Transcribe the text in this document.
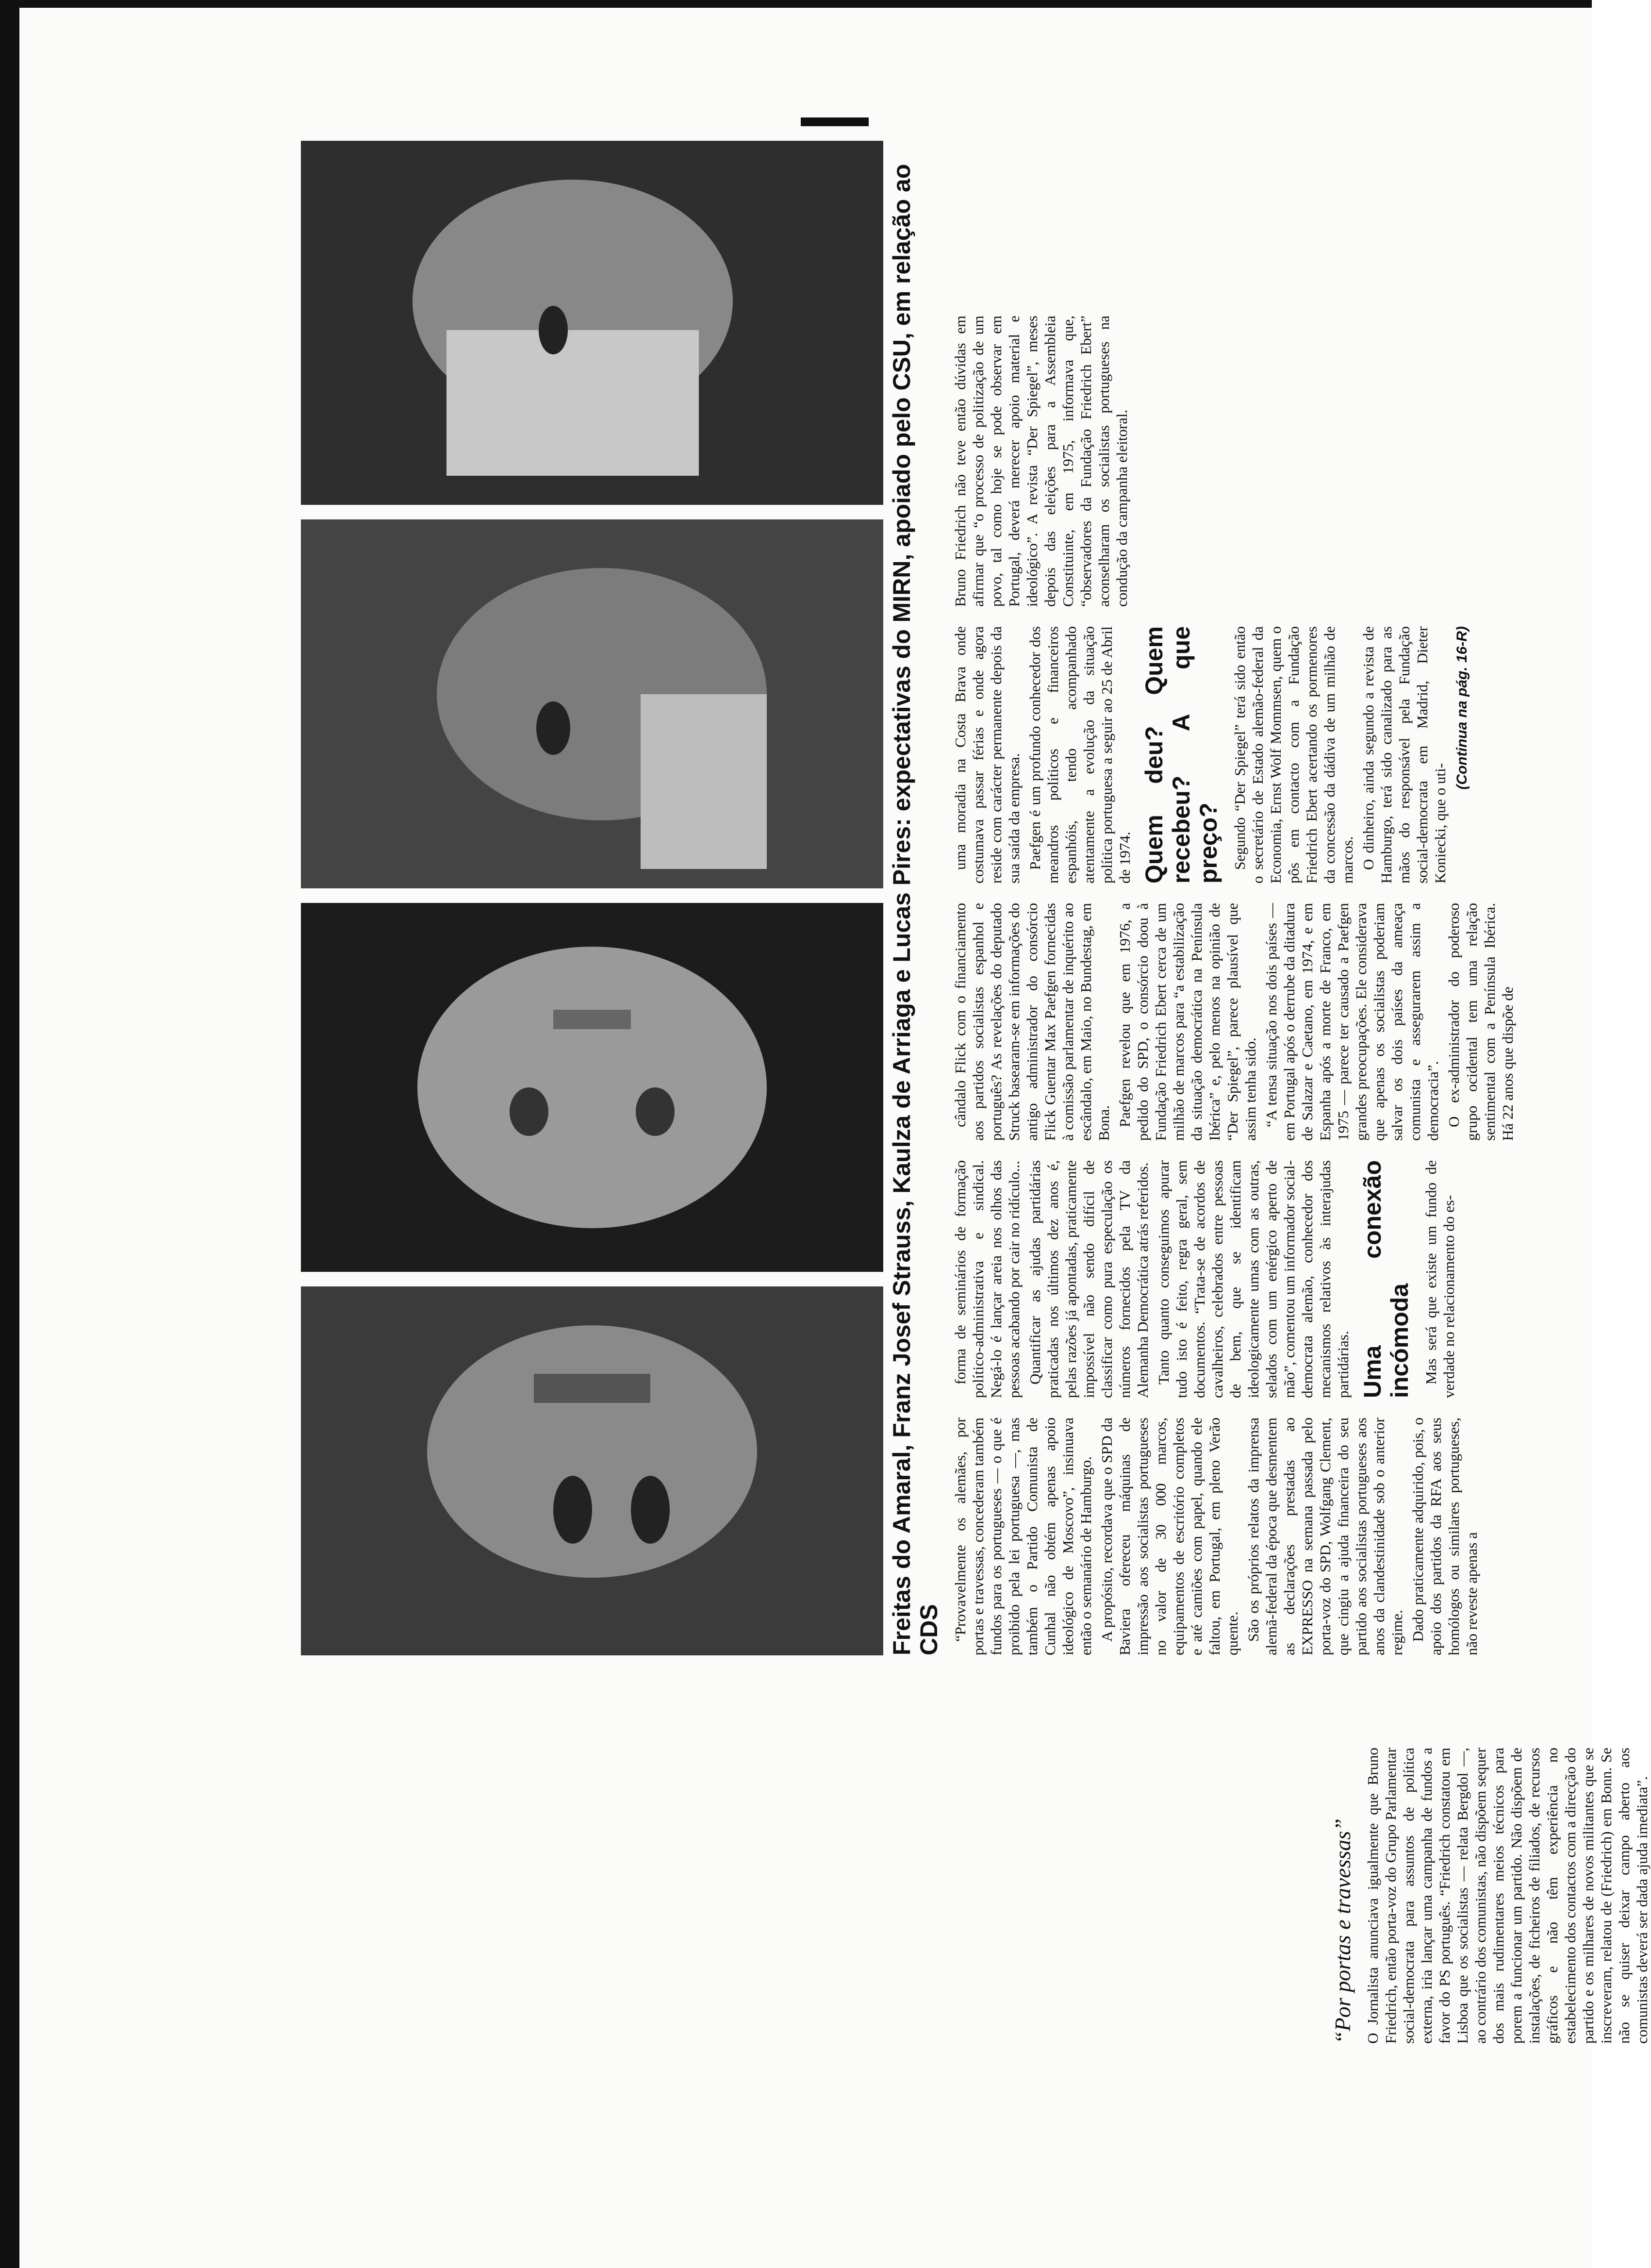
“Por portas e travessas” O Jornalista anunciava igualmente que Bruno Friedrich, então porta-voz do Grupo Parlamentar social-democrata para assuntos de política externa, iria lançar uma campanha de fundos a favor do PS português. “Friedrich constatou em Lisboa que os socialistas — relata Bergdol —, ao contrário dos comunistas, não dispõem sequer dos mais rudimentares meios técnicos para porem a funcionar um partido. Não dispõem de instalações, de ficheiros de filiados, de recursos gráficos e não têm experiência no estabelecimento dos contactos com a direcção do partido e os milhares de novos militantes que se inscreveram, relatou de (Friedrich) em Bonn. Se não se quiser deixar campo aberto aos comunistas deverá ser dada ajuda imediata”.
Freitas do Amaral, Franz Josef Strauss, Kaulza de Arriaga e Lucas Pires: expectativas do MIRN, apoiado pelo CSU, em relação ao CDS “Provavelmente os alemães, por portas e travessas, concederam também fundos para os portugueses — o que é proibido pela lei portuguesa —, mas também o Partido Comunista de Cunhal não obtém apenas apoio ideológico de Moscovo”, insinuava então o semanário de Hamburgo. A propósito, recordava que o SPD da Baviera ofereceu máquinas de impressão aos socialistas portugueses no valor de 30 000 marcos, equipamentos de escritório completos e até camiões com papel, quando ele faltou, em Portugal, em pleno Verão quente. São os próprios relatos da imprensa alemã-federal da época que desmentem as declarações prestadas ao EXPRESSO na semana passada pelo porta-voz do SPD, Wolfgang Clement, que cingiu a ajuda financeira do seu partido aos socialistas portugueses aos anos da clandestinidade sob o anterior regime. Dado praticamente adquirido, pois, o apoio dos partidos da RFA aos seus homólogos ou similares portugueses, não reveste apenas a

forma de seminários de formação político-administrativa e sindical. Negá-lo é lançar areia nos olhos das pessoas acabando por cair no ridículo... Quantificar as ajudas partidárias praticadas nos últimos dez anos é, pelas razões já apontadas, praticamente impossível não sendo difícil de classificar como pura especulação os números fornecidos pela TV da Alemanha Democrática atrás referidos. Tanto quanto conseguimos apurar tudo isto é feito, regra geral, sem documentos. “Trata-se de acordos de cavalheiros, celebrados entre pessoas de bem, que se identificam ideologicamente umas com as outras, selados com um enérgico aperto de mão”, comentou um informador social-democrata alemão, conhecedor dos mecanismos relativos às interajudas partidárias. Uma conexão incómoda Mas será que existe um fundo de verdade no relacionamento do es-

cândalo Flick com o financiamento aos partidos socialistas espanhol e português? As revelações do deputado Struck basearam-se em informações do antigo administrador do consórcio Flick Guentar Max Paefgen fornecidas à comissão parlamentar de inquérito ao escândalo, em Maio, no Bundestag, em Bona. Paefgen revelou que em 1976, a pedido do SPD, o consórcio doou à Fundação Friedrich Ebert cerca de um milhão de marcos para “a estabilização da situação democrática na Península Ibérica” e, pelo menos na opinião de “Der Spiegel”, parece plausível que assim tenha sido. “A tensa situação nos dois países — em Portugal após o derrube da ditadura de Salazar e Caetano, em 1974, e em Espanha após a morte de Franco, em 1975 — parece ter causado a Paefgen grandes preocupações. Ele considerava que apenas os socialistas poderiam salvar os dois países da ameaça comunista e assegurarem assim a democracia”. O ex-administrador do poderoso grupo ocidental tem uma relação sentimental com a Península Ibérica. Há 22 anos que dispõe de

uma moradia na Costa Brava onde costumava passar férias e onde agora reside com carácter permanente depois da sua saída da empresa. Paefgen é um profundo conhecedor dos meandros políticos e financeiros espanhóis, tendo acompanhado atentamente a evolução da situação política portuguesa a seguir ao 25 de Abril de 1974. Quem deu? Quem recebeu? A que preço? Segundo “Der Spiegel” terá sido então o secretário de Estado alemão-federal da Economia, Ernst Wolf Mommsen, quem o pôs em contacto com a Fundação Friedrich Ebert acertando os pormenores da concessão da dádiva de um milhão de marcos. O dinheiro, ainda segundo a revista de Hamburgo, terá sido canalizado para as mãos do responsável pela Fundação social-democrata em Madrid, Dieter Koniecki, que o uti-

(Continua na pág. 16-R)
Bruno Friedrich não teve então dúvidas em afirmar que “o processo de politização de um povo, tal como hoje se pode observar em Portugal, deverá merecer apoio material e ideológico”. A revista “Der Spiegel”, meses depois das eleições para a Assembleia Constituinte, em 1975, informava que, “observadores da Fundação Friedrich Ebert” aconselharam os socialistas portugueses na condução da campanha eleitoral.
